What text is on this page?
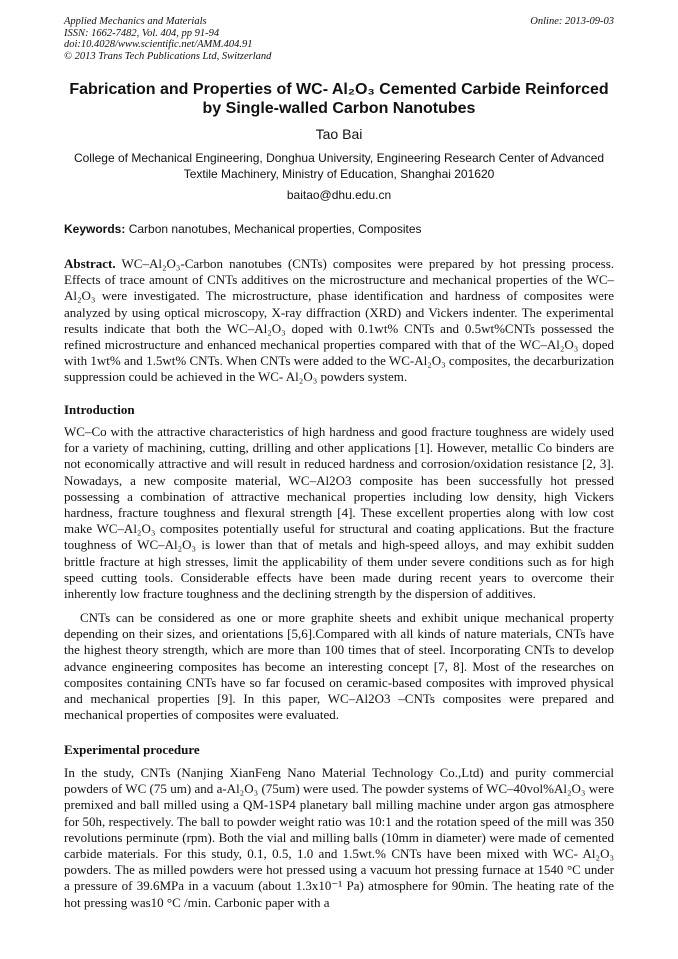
Applied Mechanics and Materials
ISSN: 1662-7482, Vol. 404, pp 91-94
doi:10.4028/www.scientific.net/AMM.404.91
© 2013 Trans Tech Publications Ltd, Switzerland
Online: 2013-09-03
Fabrication and Properties of WC- Al₂O₃ Cemented Carbide Reinforced
by Single-walled Carbon Nanotubes
Tao Bai
College of Mechanical Engineering, Donghua University, Engineering Research Center of Advanced Textile Machinery, Ministry of Education, Shanghai 201620
baitao@dhu.edu.cn
Keywords: Carbon nanotubes, Mechanical properties, Composites
Abstract. WC–Al₂O₃-Carbon nanotubes (CNTs) composites were prepared by hot pressing process. Effects of trace amount of CNTs additives on the microstructure and mechanical properties of the WC–Al₂O₃ were investigated. The microstructure, phase identification and hardness of composites were analyzed by using optical microscopy, X-ray diffraction (XRD) and Vickers indenter. The experimental results indicate that both the WC–Al₂O₃ doped with 0.1wt% CNTs and 0.5wt%CNTs possessed the refined microstructure and enhanced mechanical properties compared with that of the WC–Al₂O₃ doped with 1wt% and 1.5wt% CNTs. When CNTs were added to the WC-Al₂O₃ composites, the decarburization suppression could be achieved in the WC- Al₂O₃ powders system.
Introduction

WC–Co with the attractive characteristics of high hardness and good fracture toughness are widely used for a variety of machining, cutting, drilling and other applications [1]. However, metallic Co binders are not economically attractive and will result in reduced hardness and corrosion/oxidation resistance [2, 3]. Nowadays, a new composite material, WC–Al2O3 composite has been successfully hot pressed possessing a combination of attractive mechanical properties including low density, high Vickers hardness, fracture toughness and flexural strength [4]. These excellent properties along with low cost make WC–Al₂O₃ composites potentially useful for structural and coating applications. But the fracture toughness of WC–Al₂O₃ is lower than that of metals and high-speed alloys, and may exhibit sudden brittle fracture at high stresses, limit the applicability of them under severe conditions such as for high speed cutting tools. Considerable effects have been made during recent years to overcome their inherently low fracture toughness and the declining strength by the dispersion of additives.

CNTs can be considered as one or more graphite sheets and exhibit unique mechanical property depending on their sizes, and orientations [5,6].Compared with all kinds of nature materials, CNTs have the highest theory strength, which are more than 100 times that of steel. Incorporating CNTs to develop advance engineering composites has become an interesting concept [7, 8]. Most of the researches on composites containing CNTs have so far focused on ceramic-based composites with improved physical and mechanical properties [9]. In this paper, WC–Al2O3 –CNTs composites were prepared and mechanical properties of composites were evaluated.

Experimental procedure

In the study, CNTs (Nanjing XianFeng Nano Material Technology Co.,Ltd) and purity commercial powders of WC (75 um) and a-Al₂O₃ (75um) were used. The powder systems of WC–40vol%Al₂O₃ were premixed and ball milled using a QM-1SP4 planetary ball milling machine under argon gas atmosphere for 50h, respectively. The ball to powder weight ratio was 10:1 and the rotation speed of the mill was 350 revolutions perminute (rpm). Both the vial and milling balls (10mm in diameter) were made of cemented carbide materials. For this study, 0.1, 0.5, 1.0 and 1.5wt.% CNTs have been mixed with WC- Al₂O₃ powders. The as milled powders were hot pressed using a vacuum hot pressing furnace at 1540 °C under a pressure of 39.6MPa in a vacuum (about 1.3x10⁻¹ Pa) atmosphere for 90min. The heating rate of the hot pressing was10 °C /min. Carbonic paper with a
